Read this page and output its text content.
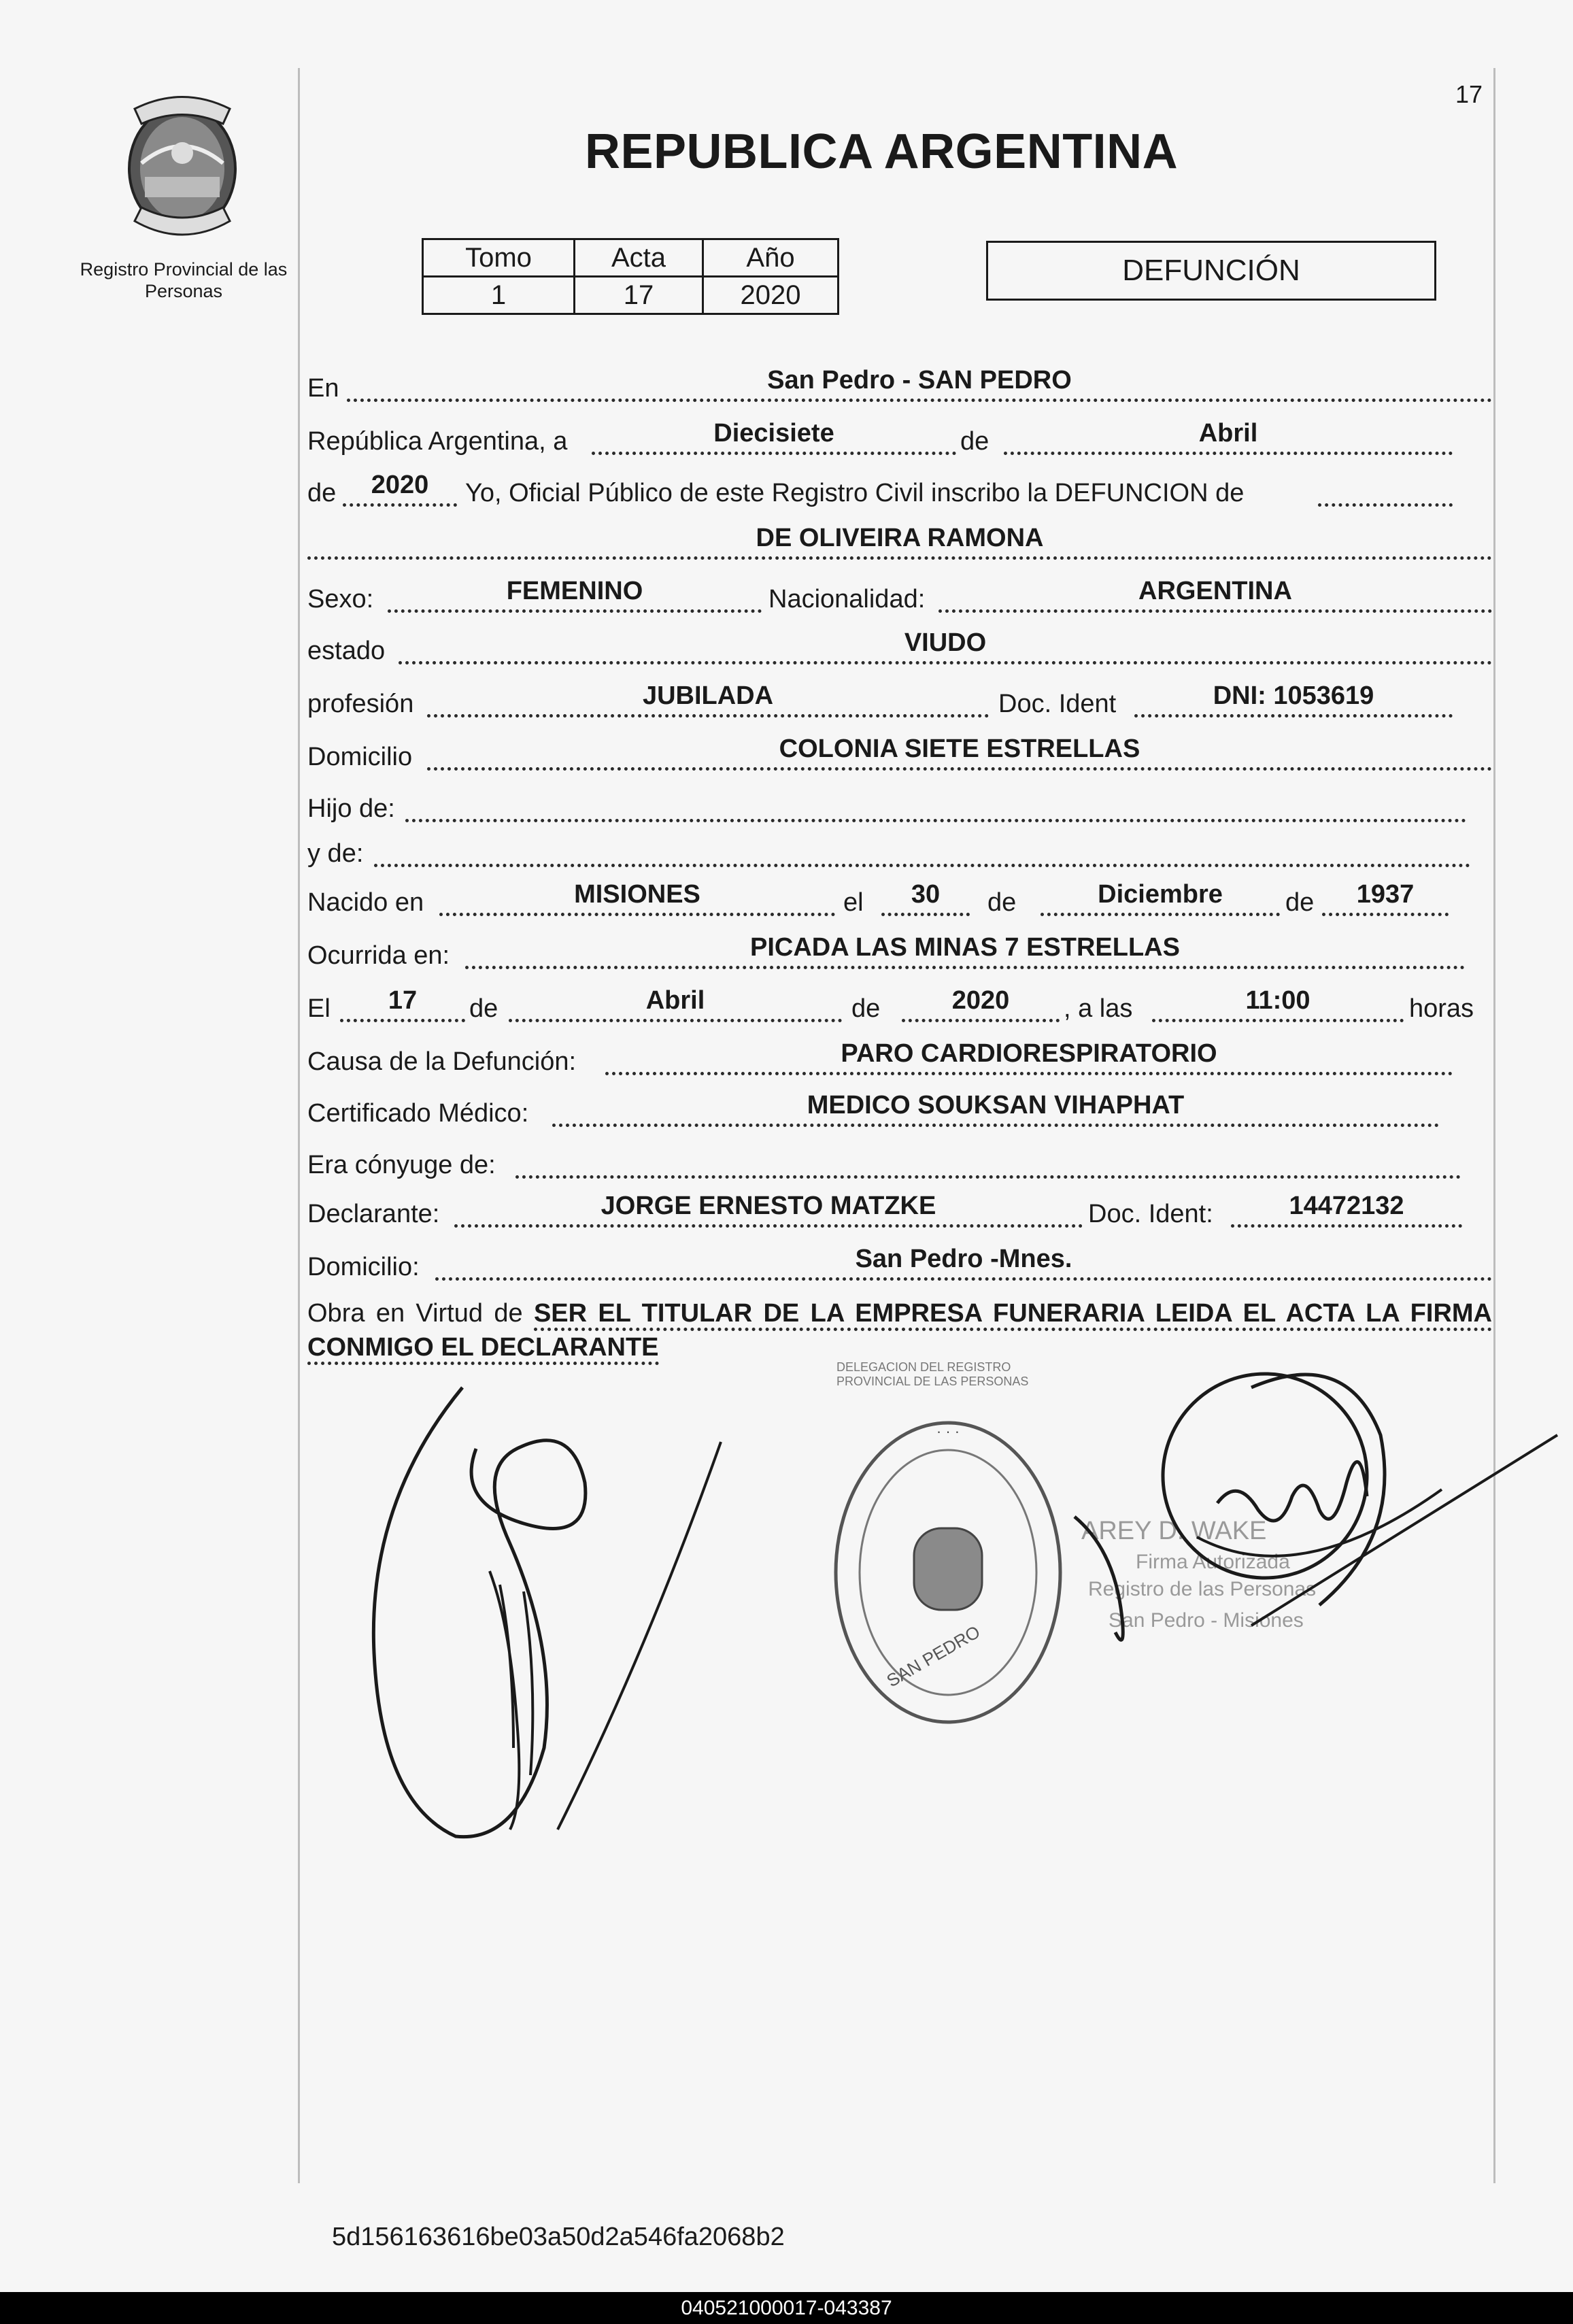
17
Registro Provincial de las Personas
REPUBLICA ARGENTINA
Tomo	Acta	Año
1	17	2020
DEFUNCIÓN
En	San Pedro - SAN PEDRO
República Argentina, a	Diecisiete	de	Abril
de	2020	Yo, Oficial Público de este Registro Civil inscribo la DEFUNCION de
DE OLIVEIRA RAMONA
Sexo:	FEMENINO	Nacionalidad:	ARGENTINA
estado	VIUDO
profesión	JUBILADA	Doc. Ident	DNI: 1053619
Domicilio	COLONIA SIETE ESTRELLAS
Hijo de:
y de:
Nacido en	MISIONES	el	30	de	Diciembre	de	1937
Ocurrida en:	PICADA LAS MINAS 7 ESTRELLAS
El	17	de	Abril	de	2020	, a las	11:00	horas
Causa de la Defunción:	PARO CARDIORESPIRATORIO
Certificado Médico:	MEDICO SOUKSAN VIHAPHAT
Era cónyuge de:
Declarante:	JORGE ERNESTO MATZKE	Doc. Ident:	14472132
Domicilio:	San Pedro -Mnes.
Obra en Virtud de SER EL TITULAR DE LA EMPRESA FUNERARIA LEIDA EL ACTA LA FIRMA CONMIGO EL DECLARANTE
· · ·
SAN PEDRO
DELEGACION DEL REGISTRO PROVINCIAL DE LAS PERSONAS
AREY D. WAKE
Firma Autorizada
Registro de las Personas
San Pedro - Misiones
5d156163616be03a50d2a546fa2068b2
040521000017-043387
